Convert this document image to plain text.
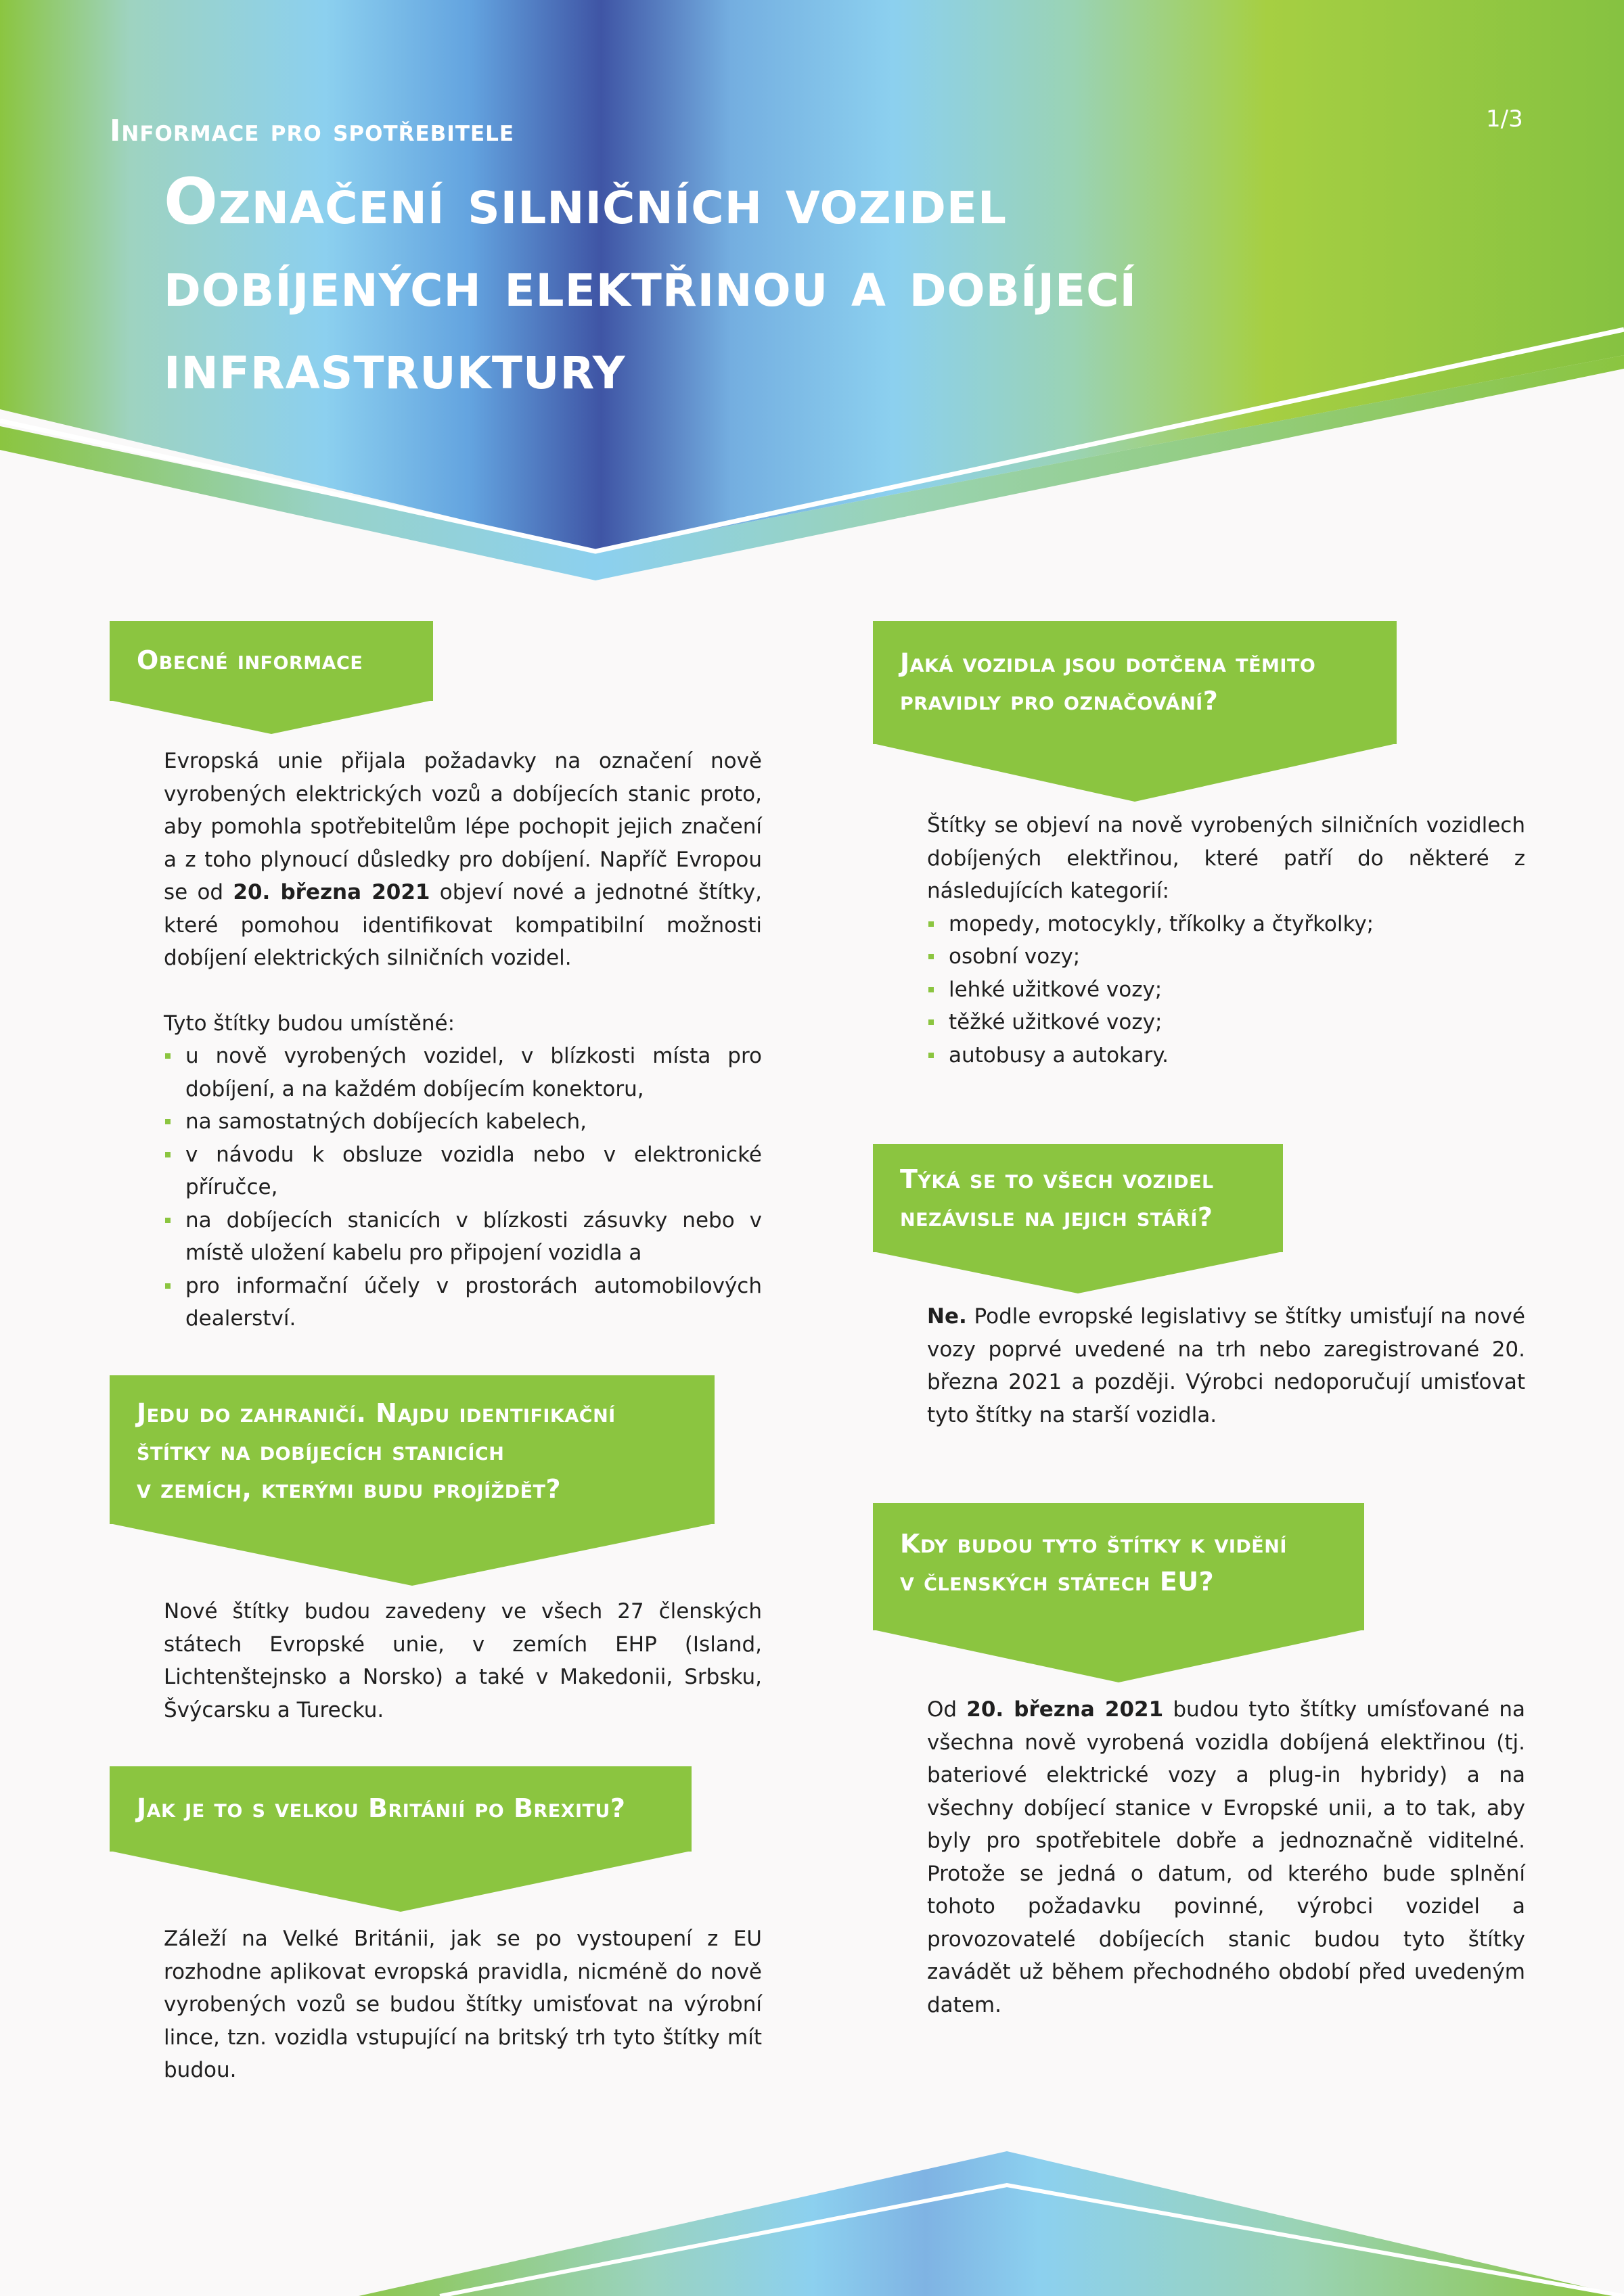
Informace pro spotřebitele	1/3
Označení silničních vozidel
dobíjených elektřinou a dobíjecí
infrastruktury
Obecné informace

Evropská unie přijala požadavky na označení nově vyrobených elektrických vozů a dobíjecích stanic proto, aby pomohla spotřebitelům lépe pochopit jejich značení a z toho plynoucí důsledky pro dobíjení. Napříč Evropou se od 20. března 2021 objeví nové a jednotné štítky, které pomohou identifikovat kompatibilní možnosti dobíjení elektrických silničních vozidel.

Tyto štítky budou umístěné:

u nově vyrobených vozidel, v blízkosti místa pro dobíjení, a na každém dobíjecím konektoru,
na samostatných dobíjecích kabelech,
v návodu k obsluze vozidla nebo v elektronické příručce,
na dobíjecích stanicích v blízkosti zásuvky nebo v místě uložení kabelu pro připojení vozidla a
pro informační účely v prostorách automobilových dealerství.
Jedu do zahraničí. Najdu identifikační
štítky na dobíjecích stanicích
v zemích, kterými budu projíždět?
Nové štítky budou zavedeny ve všech 27 členských státech Evropské unie, v zemích EHP (Island, Lichtenštejnsko a Norsko) a také v Makedonii, Srbsku, Švýcarsku a Turecku.
Jak je to s velkou Británií po Brexitu?
Záleží na Velké Británii, jak se po vystoupení z EU rozhodne aplikovat evropská pravidla, nicméně do nově vyrobených vozů se budou štítky umisťovat na výrobní lince, tzn. vozidla vstupující na britský trh tyto štítky mít budou.
Jaká vozidla jsou dotčena těmito
pravidly pro označování?

Štítky se objeví na nově vyrobených silničních vozidlech dobíjených elektřinou, které patří do některé z následujících kategorií:

mopedy, motocykly, tříkolky a čtyřkolky;
osobní vozy;
lehké užitkové vozy;
těžké užitkové vozy;
autobusy a autokary.
Týká se to všech vozidel
nezávisle na jejich stáří?

Ne. Podle evropské legislativy se štítky umisťují na nové vozy poprvé uvedené na trh nebo zaregistrované 20. března 2021 a později. Výrobci nedoporučují umisťovat tyto štítky na starší vozidla.

Kdy budou tyto štítky k vidění
v členských státech EU?

Od 20. března 2021 budou tyto štítky umísťované na všechna nově vyrobená vozidla dobíjená elektřinou (tj. bateriové elektrické vozy a plug-in hybridy) a na všechny dobíjecí stanice v Evropské unii, a to tak, aby byly pro spotřebitele dobře a jednoznačně viditelné. Protože se jedná o datum, od kterého bude splnění tohoto požadavku povinné, výrobci vozidel a provozovatelé dobíjecích stanic budou tyto štítky zavádět už během přechodného období před uvedeným datem.
